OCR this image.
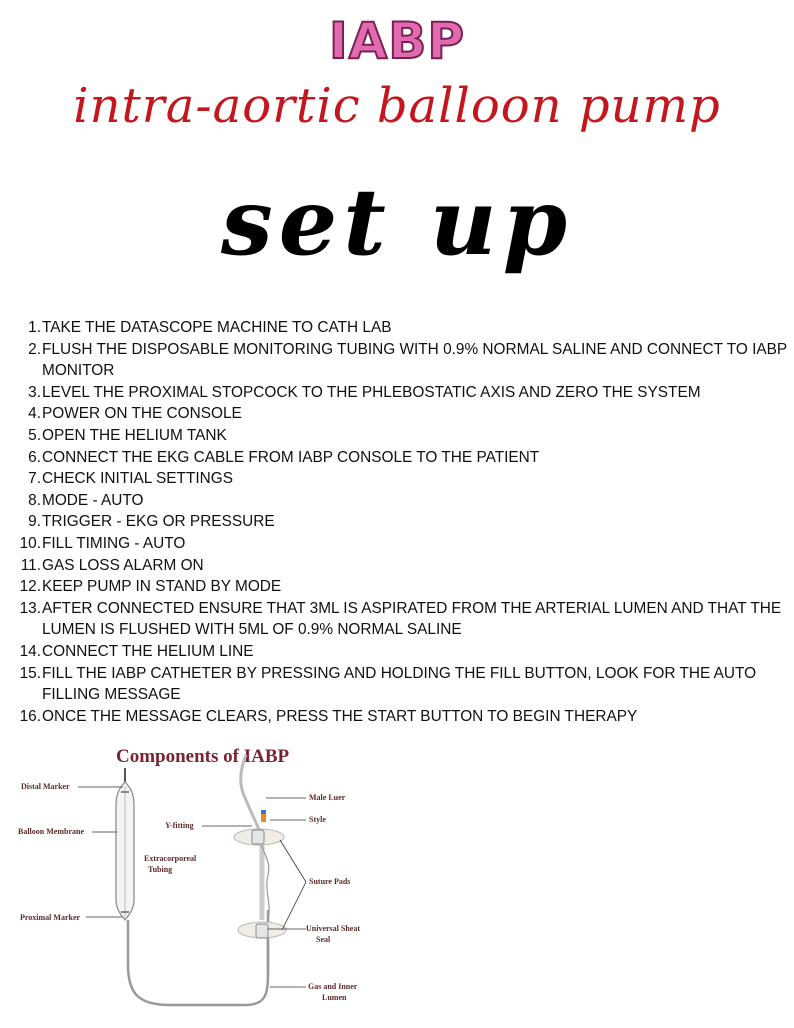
IABP
intra-aortic balloon pump
set up
1. TAKE THE DATASCOPE MACHINE TO CATH LAB
2. FLUSH THE DISPOSABLE MONITORING TUBING WITH 0.9% NORMAL SALINE AND CONNECT TO IABP MONITOR
3. LEVEL THE PROXIMAL STOPCOCK TO THE PHLEBOSTATIC AXIS AND ZERO THE SYSTEM
4. POWER ON THE CONSOLE
5. OPEN THE HELIUM TANK
6. CONNECT THE EKG CABLE FROM IABP CONSOLE TO THE PATIENT
7. CHECK INITIAL SETTINGS
8. MODE - AUTO
9. TRIGGER - EKG OR PRESSURE
10. FILL TIMING - AUTO
11. GAS LOSS ALARM ON
12. KEEP PUMP IN STAND BY MODE
13. AFTER CONNECTED ENSURE THAT 3ML IS ASPIRATED FROM THE ARTERIAL LUMEN AND THAT THE LUMEN IS FLUSHED WITH 5ML OF 0.9% NORMAL SALINE
14. CONNECT THE HELIUM LINE
15. FILL THE IABP CATHETER BY PRESSING AND HOLDING THE FILL BUTTON, LOOK FOR THE AUTO FILLING MESSAGE
16. ONCE THE MESSAGE CLEARS, PRESS THE START BUTTON TO BEGIN THERAPY
Components of IABP
Distal Marker
Balloon Membrane
Proximal Marker
Extracorporeal
Tubing
Y-fitting
Male Luer
Style
Suture Pads
Universal Sheat
Seal
Gas and Inner
Lumen
